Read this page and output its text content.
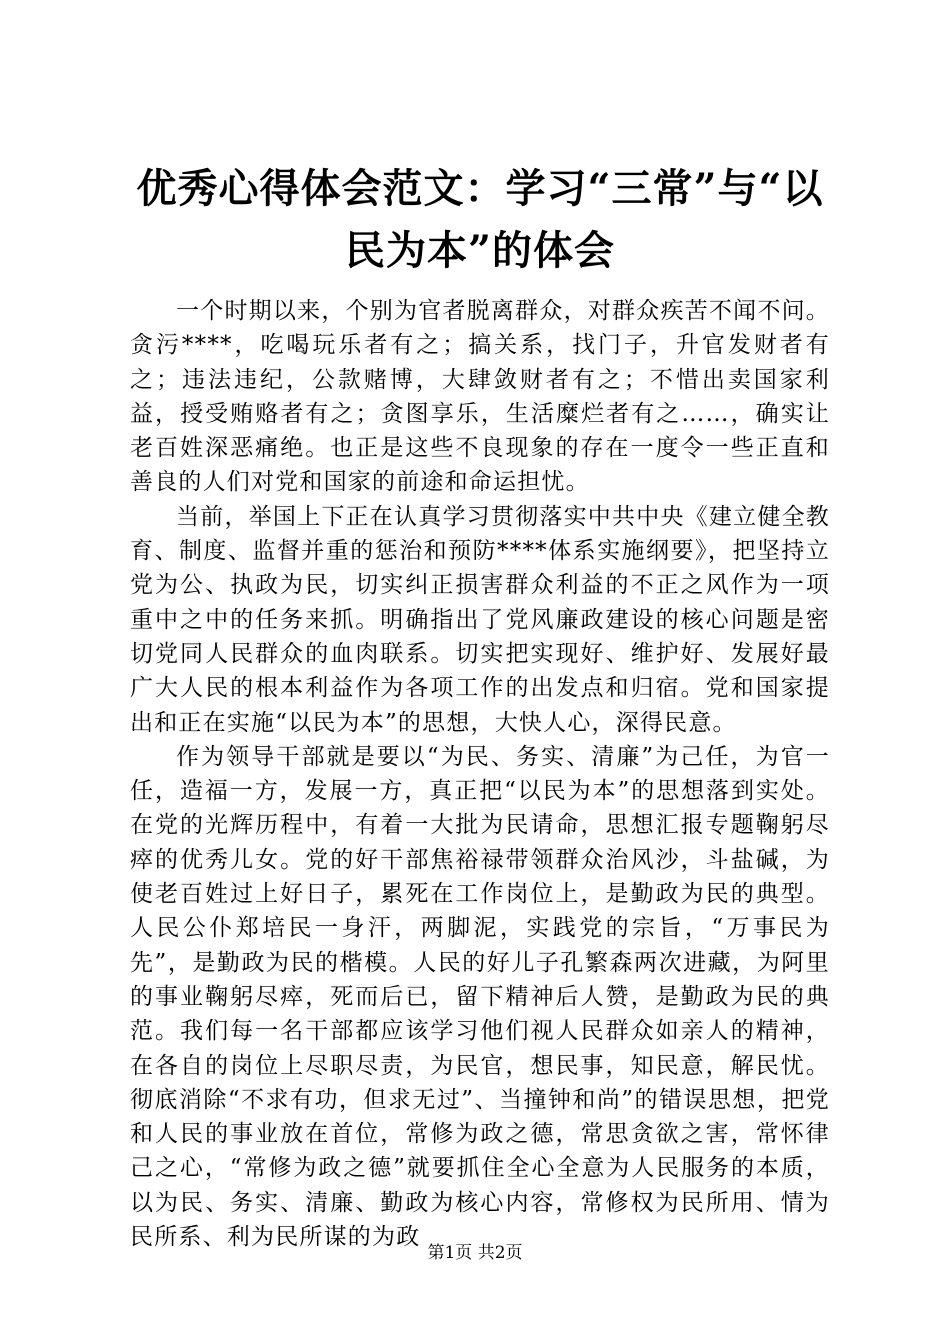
优秀心得体会范文：学习“三常”与“以民为本”的体会

一个时期以来，个别为官者脱离群众，对群众疾苦不闻不问。贪污****，吃喝玩乐者有之；搞关系，找门子，升官发财者有之；违法违纪，公款赌博，大肆敛财者有之；不惜出卖国家利益，授受贿赂者有之；贪图享乐，生活糜烂者有之……，确实让老百姓深恶痛绝。也正是这些不良现象的存在一度令一些正直和善良的人们对党和国家的前途和命运担忧。

当前，举国上下正在认真学习贯彻落实中共中央《建立健全教育、制度、监督并重的惩治和预防****体系实施纲要》，把坚持立党为公、执政为民，切实纠正损害群众利益的不正之风作为一项重中之中的任务来抓。明确指出了党风廉政建设的核心问题是密切党同人民群众的血肉联系。切实把实现好、维护好、发展好最广大人民的根本利益作为各项工作的出发点和归宿。党和国家提出和正在实施“以民为本”的思想，大快人心，深得民意。

作为领导干部就是要以“为民、务实、清廉”为己任，为官一任，造福一方，发展一方，真正把“以民为本”的思想落到实处。在党的光辉历程中，有着一大批为民请命，思想汇报专题鞠躬尽瘁的优秀儿女。党的好干部焦裕禄带领群众治风沙，斗盐碱，为使老百姓过上好日子，累死在工作岗位上，是勤政为民的典型。人民公仆郑培民一身汗，两脚泥，实践党的宗旨，“万事民为先”，是勤政为民的楷模。人民的好儿子孔繁森两次进藏，为阿里的事业鞠躬尽瘁，死而后已，留下精神后人赞，是勤政为民的典范。我们每一名干部都应该学习他们视人民群众如亲人的精神，在各自的岗位上尽职尽责，为民官，想民事，知民意，解民忧。彻底消除“不求有功，但求无过”、当撞钟和尚”的错误思想，把党和人民的事业放在首位，常修为政之德，常思贪欲之害，常怀律己之心，“常修为政之德”就要抓住全心全意为人民服务的本质，以为民、务实、清廉、勤政为核心内容，常修权为民所用、情为民所系、利为民所谋的为政

第1页 共2页
